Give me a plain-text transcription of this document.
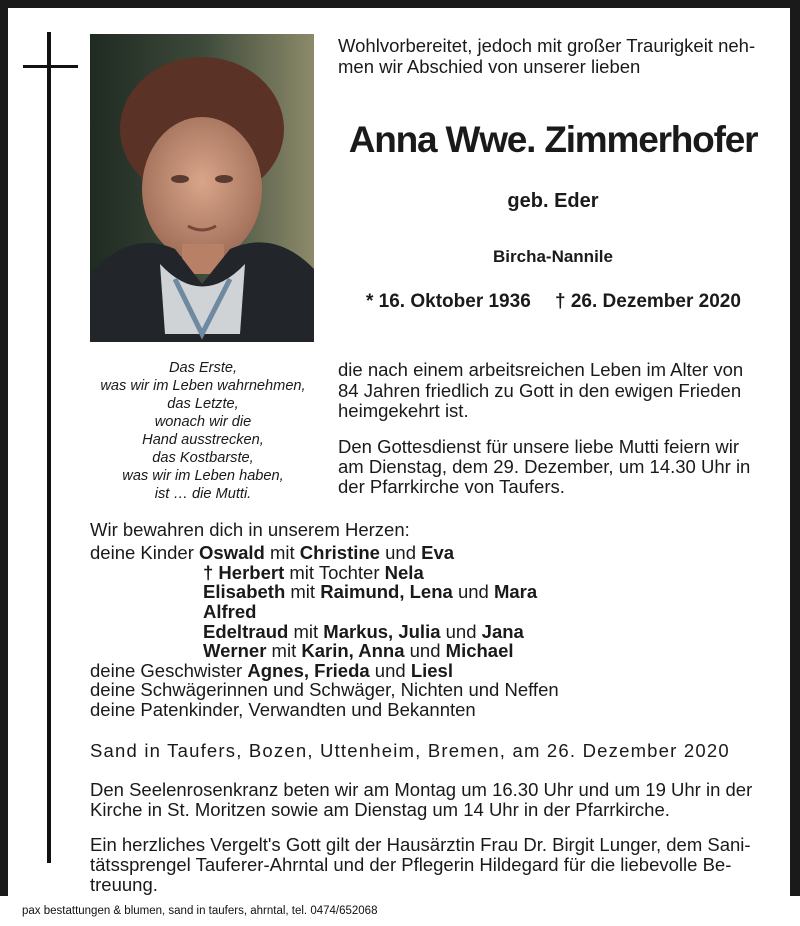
Wohlvorbereitet, jedoch mit großer Traurigkeit neh-
men wir Abschied von unserer lieben
Anna Wwe. Zimmerhofer
geb. Eder
Bircha-Nannile
* 16. Oktober 1936 † 26. Dezember 2020
Das Erste,
was wir im Leben wahrnehmen,
das Letzte,
wonach wir die
Hand ausstrecken,
das Kostbarste,
was wir im Leben haben,
ist … die Mutti.
die nach einem arbeitsreichen Leben im Alter von
84 Jahren friedlich zu Gott in den ewigen Frieden
heimgekehrt ist.
Den Gottesdienst für unsere liebe Mutti feiern wir
am Dienstag, dem 29. Dezember, um 14.30 Uhr in
der Pfarrkirche von Taufers.
Wir bewahren dich in unserem Herzen:
deine Kinder Oswald mit Christine und Eva
† Herbert mit Tochter Nela
Elisabeth mit Raimund, Lena und Mara
Alfred
Edeltraud mit Markus, Julia und Jana
Werner mit Karin, Anna und Michael
deine Geschwister Agnes, Frieda und Liesl
deine Schwägerinnen und Schwäger, Nichten und Neffen
deine Patenkinder, Verwandten und Bekannten
Sand in Taufers, Bozen, Uttenheim, Bremen, am 26. Dezember 2020
Den Seelenrosenkranz beten wir am Montag um 16.30 Uhr und um 19 Uhr in der
Kirche in St. Moritzen sowie am Dienstag um 14 Uhr in der Pfarrkirche.
Ein herzliches Vergelt's Gott gilt der Hausärztin Frau Dr. Birgit Lunger, dem Sani-
tätssprengel Tauferer-Ahrntal und der Pflegerin Hildegard für die liebevolle Be-
treuung.
pax bestattungen & blumen, sand in taufers, ahrntal, tel. 0474/652068
